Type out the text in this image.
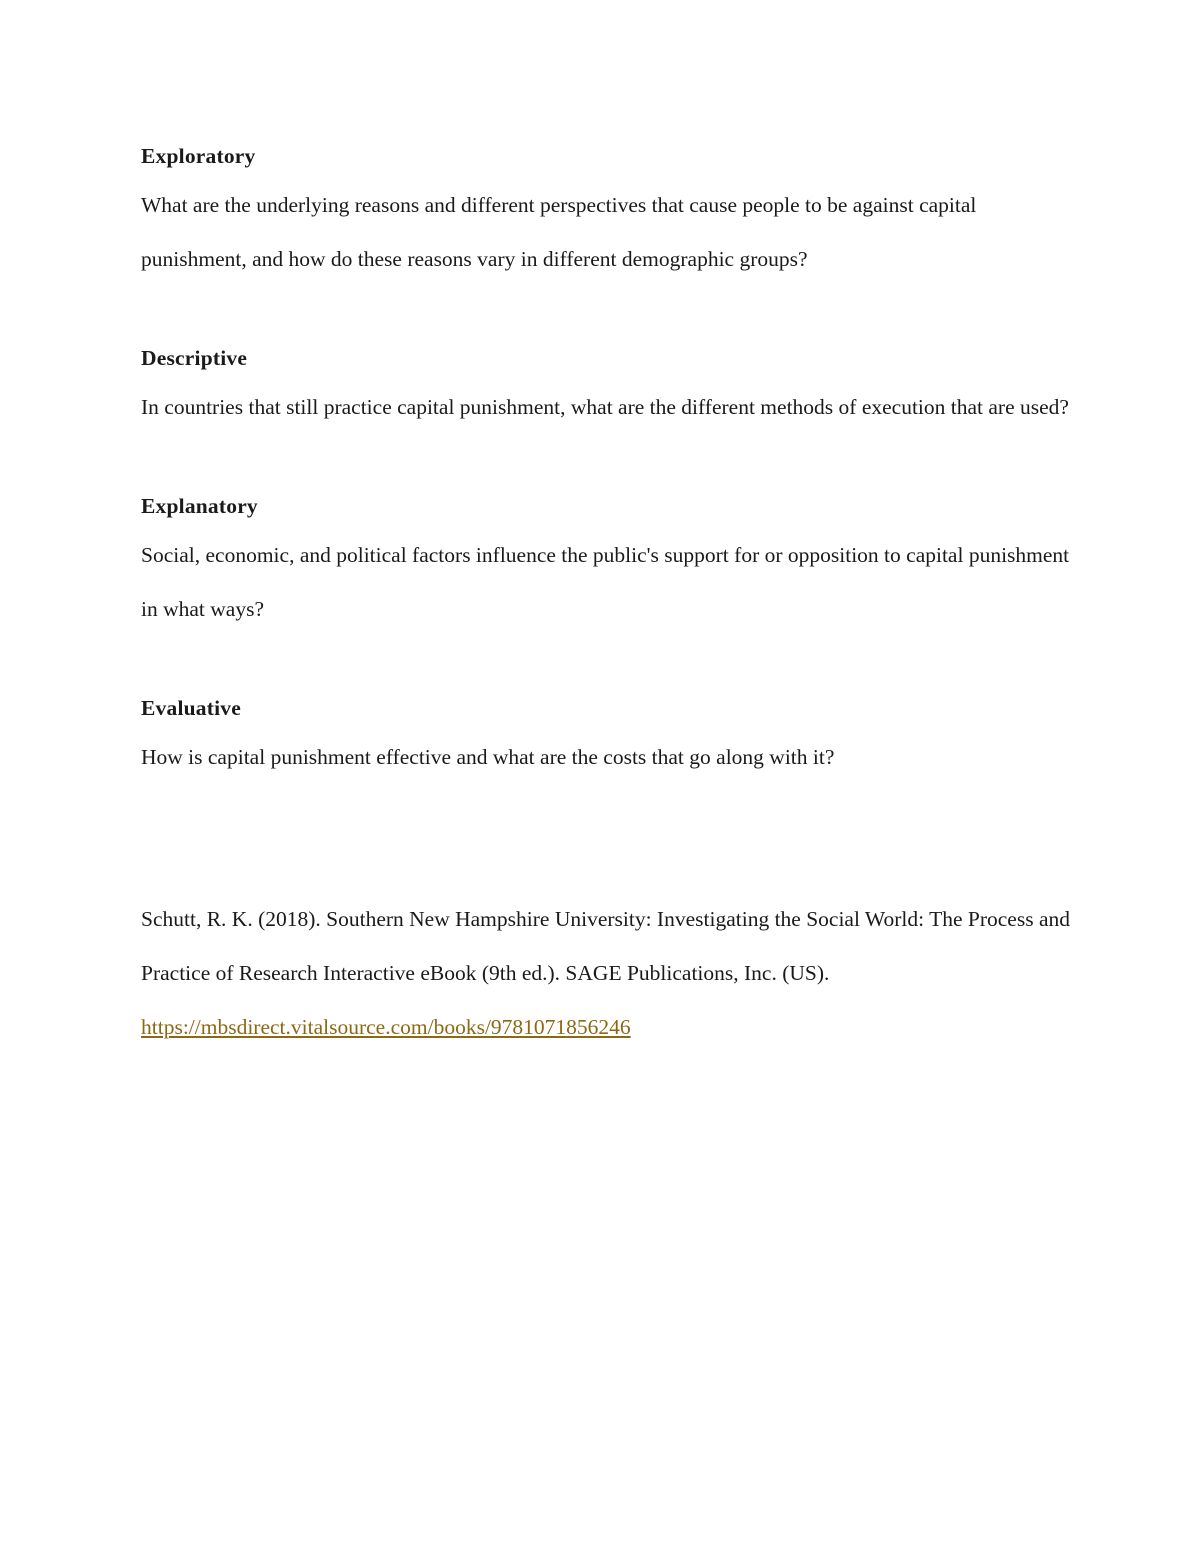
Exploratory

What are the underlying reasons and different perspectives that cause people to be against capital punishment, and how do these reasons vary in different demographic groups?

Descriptive

In countries that still practice capital punishment, what are the different methods of execution that are used?

Explanatory

Social, economic, and political factors influence the public's support for or opposition to capital punishment in what ways?

Evaluative

How is capital punishment effective and what are the costs that go along with it?

Schutt, R. K. (2018). Southern New Hampshire University: Investigating the Social World: The Process and Practice of Research Interactive eBook (9th ed.). SAGE Publications, Inc. (US).

https://mbsdirect.vitalsource.com/books/9781071856246
